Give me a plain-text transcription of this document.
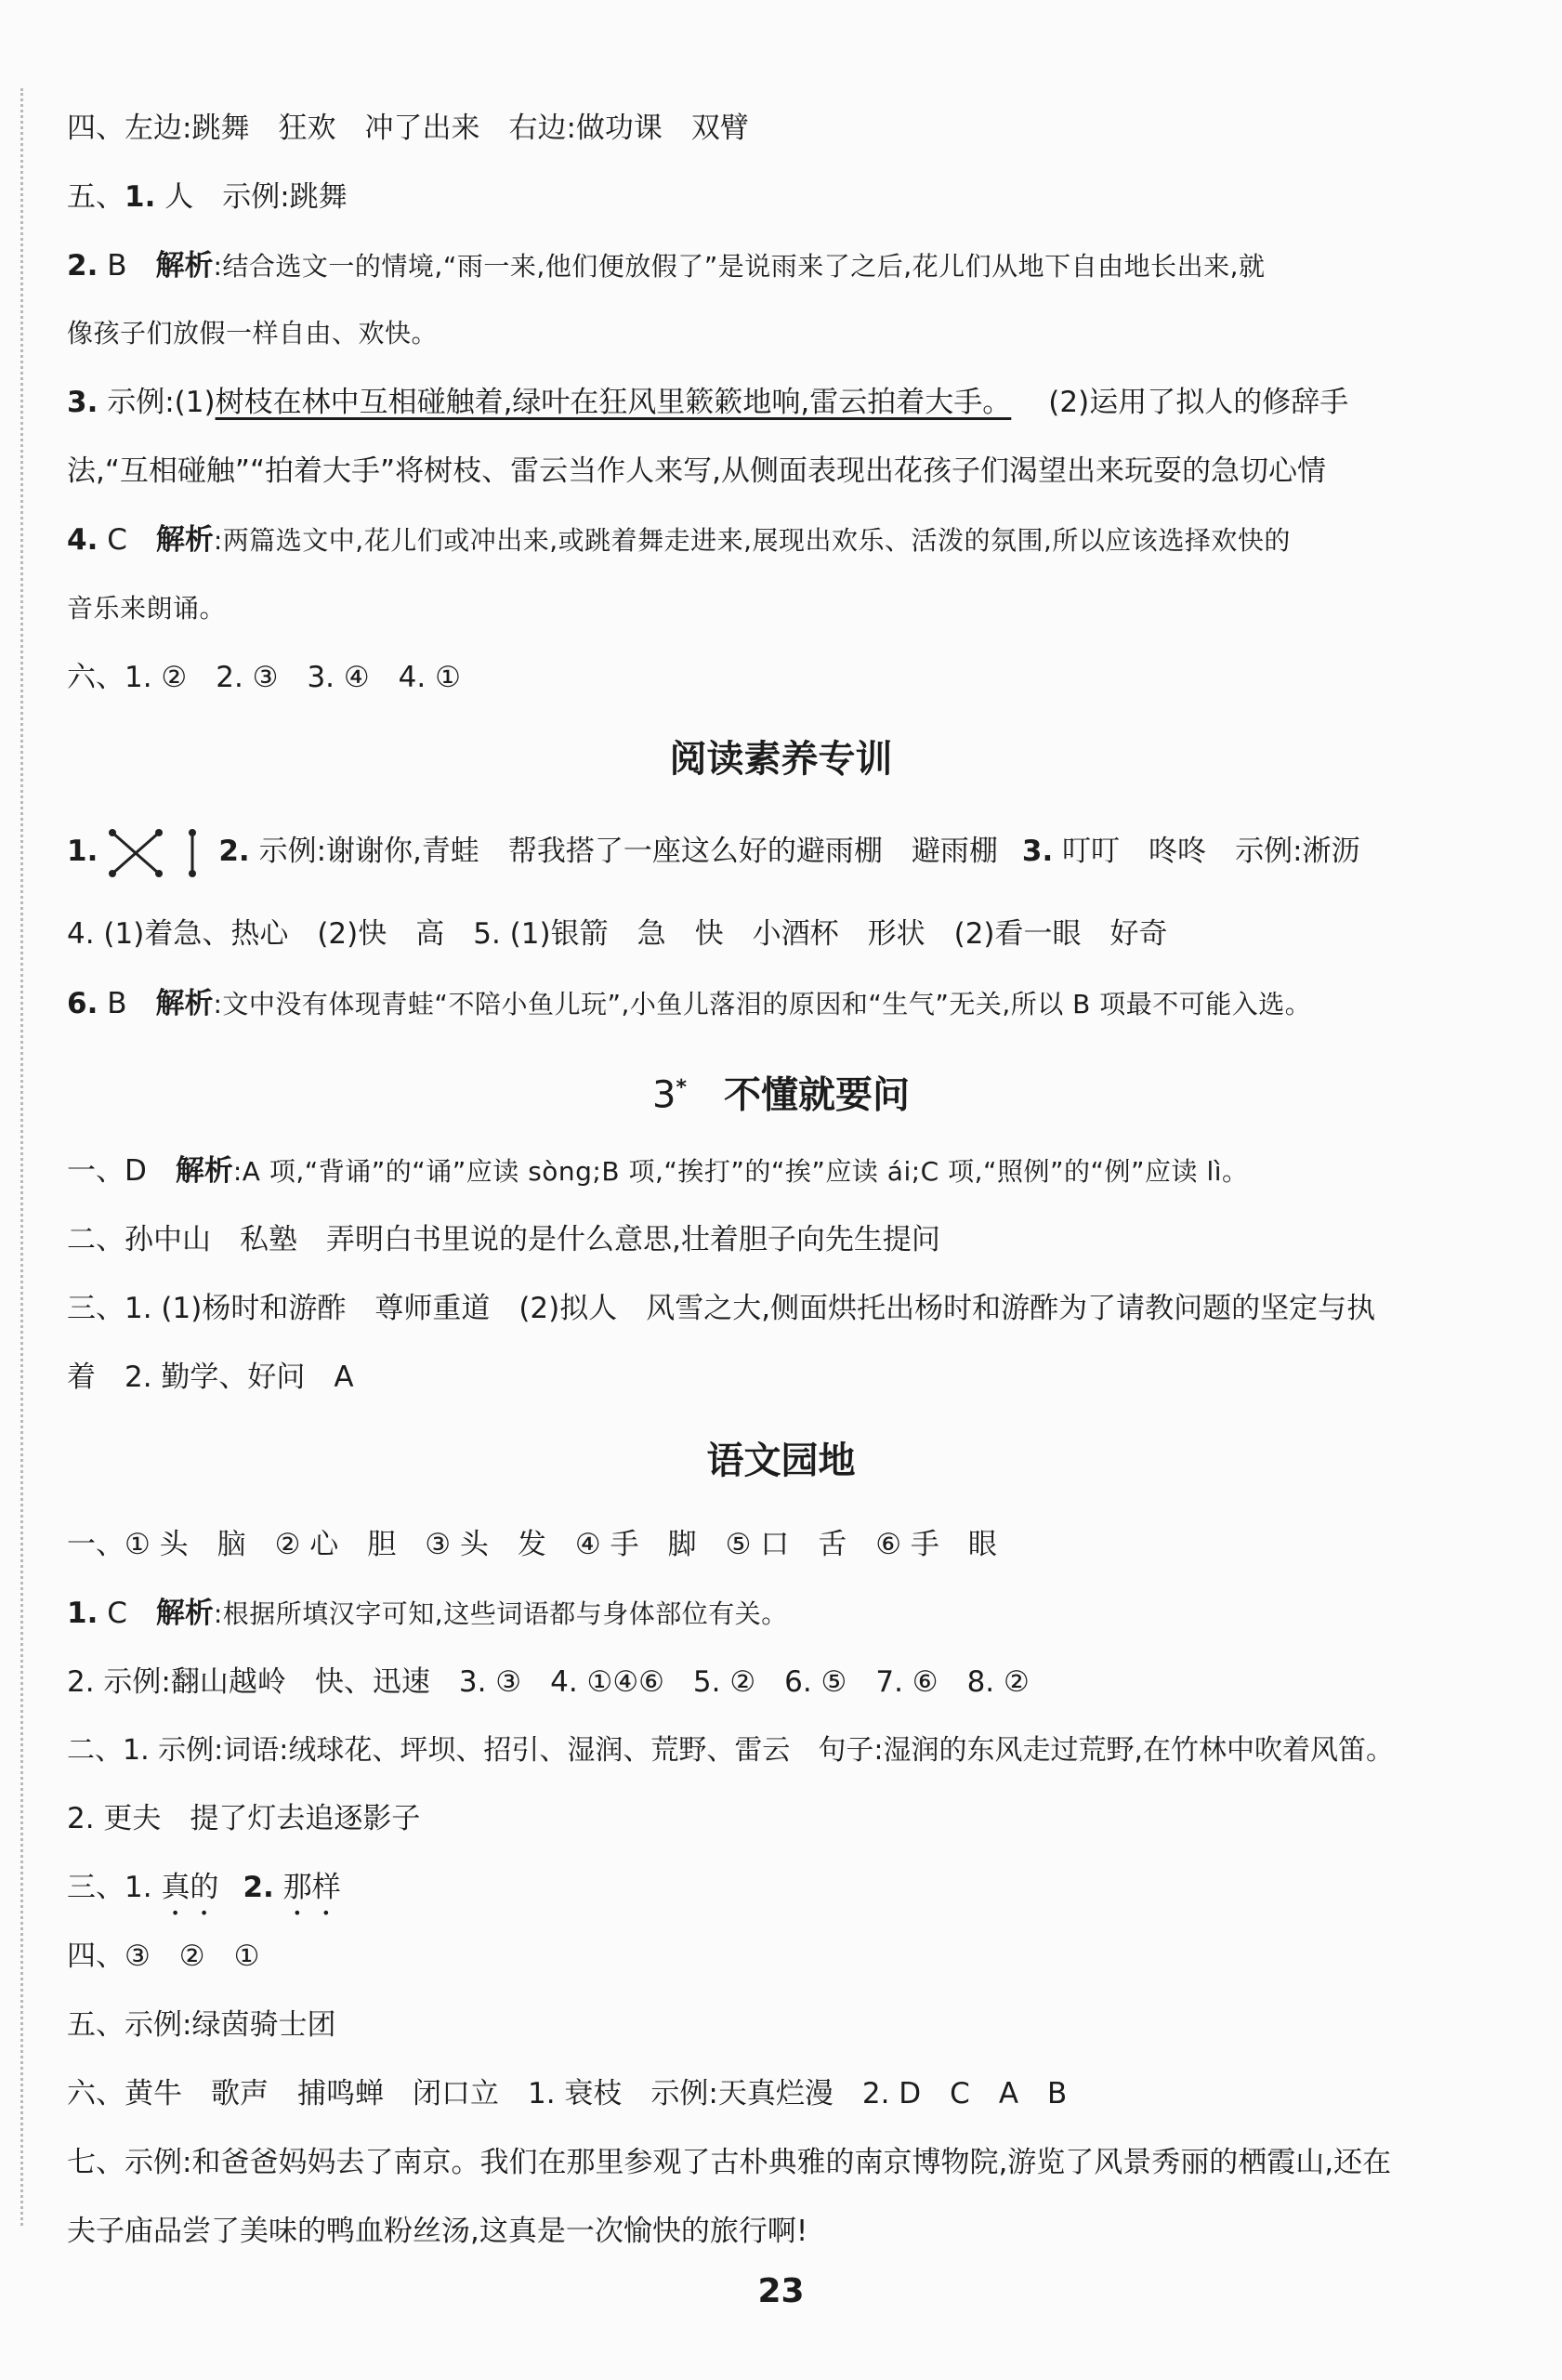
四、左边:跳舞　狂欢　冲了出来　右边:做功课　双臂
五、1. 人　示例:跳舞
2. B　解析:结合选文一的情境,“雨一来,他们便放假了”是说雨来了之后,花儿们从地下自由地长出来,就
像孩子们放假一样自由、欢快。
3. 示例:(1)树枝在林中互相碰触着,绿叶在狂风里簌簌地响,雷云拍着大手。 (2)运用了拟人的修辞手
法,“互相碰触”“拍着大手”将树枝、雷云当作人来写,从侧面表现出花孩子们渴望出来玩耍的急切心情
4. C　解析:两篇选文中,花儿们或冲出来,或跳着舞走进来,展现出欢乐、活泼的氛围,所以应该选择欢快的
音乐来朗诵。
六、1. ②　2. ③　3. ④　4. ①
阅读素养专训
1.	2. 示例:谢谢你,青蛙　帮我搭了一座这么好的避雨棚　避雨棚 3. 叮叮　咚咚　示例:淅沥
4. (1)着急、热心　(2)快　高　5. (1)银箭　急　快　小酒杯　形状　(2)看一眼　好奇
6. B　解析:文中没有体现青蛙“不陪小鱼儿玩”,小鱼儿落泪的原因和“生气”无关,所以 B 项最不可能入选。
3* 不懂就要问
一、D　解析:A 项,“背诵”的“诵”应读 sòng;B 项,“挨打”的“挨”应读 ái;C 项,“照例”的“例”应读 lì。
二、孙中山　私塾　弄明白书里说的是什么意思,壮着胆子向先生提问
三、1. (1)杨时和游酢　尊师重道　(2)拟人　风雪之大,侧面烘托出杨时和游酢为了请教问题的坚定与执
着　2. 勤学、好问　A
语文园地
一、① 头　脑　② 心　胆　③ 头　发　④ 手　脚　⑤ 口　舌　⑥ 手　眼
1. C　解析:根据所填汉字可知,这些词语都与身体部位有关。
2. 示例:翻山越岭　快、迅速　3. ③　4. ①④⑥　5. ②　6. ⑤　7. ⑥　8. ②
二、1. 示例:词语:绒球花、坪坝、招引、湿润、荒野、雷云　句子:湿润的东风走过荒野,在竹林中吹着风笛。
2. 更夫　提了灯去追逐影子
三、1. 真的 2. 那样
四、③　②　①
五、示例:绿茵骑士团
六、黄牛　歌声　捕鸣蝉　闭口立　1. 衰枝　示例:天真烂漫　2. D　C　A　B
七、示例:和爸爸妈妈去了南京。我们在那里参观了古朴典雅的南京博物院,游览了风景秀丽的栖霞山,还在
夫子庙品尝了美味的鸭血粉丝汤,这真是一次愉快的旅行啊!
23
